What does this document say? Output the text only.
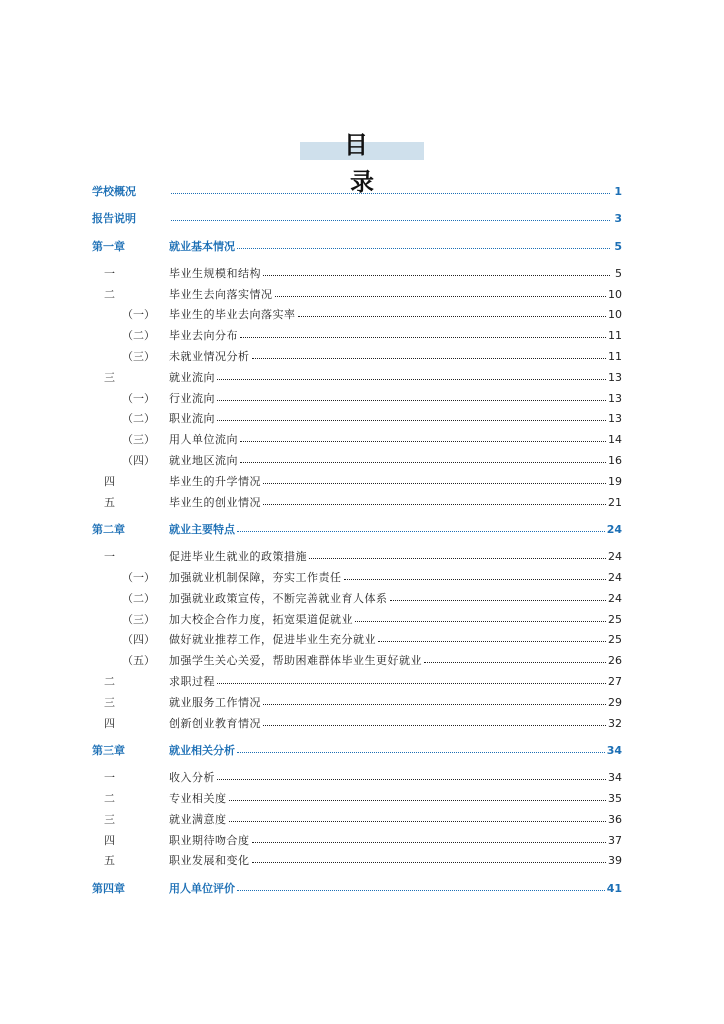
目 录
学校概况	1
报告说明	3
第一章	就业基本情况	5
一	毕业生规模和结构	5
二	毕业生去向落实情况	10
（一）	毕业生的毕业去向落实率	10
（二）	毕业去向分布	11
（三）	未就业情况分析	11
三	就业流向	13
（一）	行业流向	13
（二）	职业流向	13
（三）	用人单位流向	14
（四）	就业地区流向	16
四	毕业生的升学情况	19
五	毕业生的创业情况	21
第二章	就业主要特点	24
一	促进毕业生就业的政策措施	24
（一）	加强就业机制保障，夯实工作责任	24
（二）	加强就业政策宣传，不断完善就业育人体系	24
（三）	加大校企合作力度，拓宽渠道促就业	25
（四）	做好就业推荐工作，促进毕业生充分就业	25
（五）	加强学生关心关爱，帮助困难群体毕业生更好就业	26
二	求职过程	27
三	就业服务工作情况	29
四	创新创业教育情况	32
第三章	就业相关分析	34
一	收入分析	34
二	专业相关度	35
三	就业满意度	36
四	职业期待吻合度	37
五	职业发展和变化	39
第四章	用人单位评价	41
